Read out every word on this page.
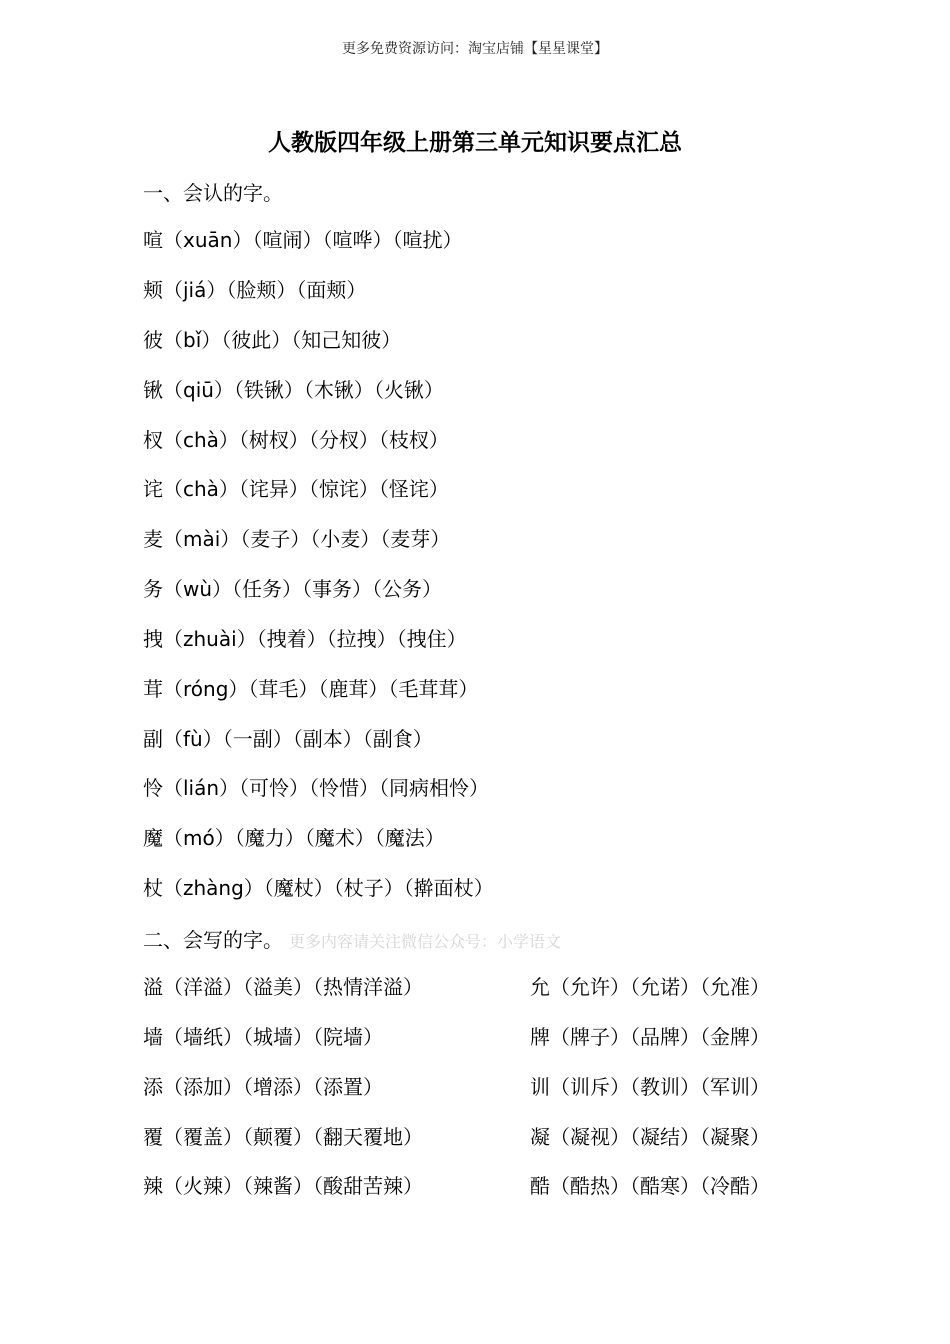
更多免费资源访问：淘宝店铺【星星课堂】
人教版四年级上册第三单元知识要点汇总
一、会认的字。
喧（xuān）（喧闹）（喧哗）（喧扰）
颊（jiá）（脸颊）（面颊）
彼（bǐ）（彼此）（知己知彼）
锹（qiū）（铁锹）（木锹）（火锹）
杈（chà）（树杈）（分杈）（枝杈）
诧（chà）（诧异）（惊诧）（怪诧）
麦（mài）（麦子）（小麦）（麦芽）
务（wù）（任务）（事务）（公务）
拽（zhuài）（拽着）（拉拽）（拽住）
茸（róng）（茸毛）（鹿茸）（毛茸茸）
副（fù）（一副）（副本）（副食）
怜（lián）（可怜）（怜惜）（同病相怜）
魔（mó）（魔力）（魔术）（魔法）
杖（zhàng）（魔杖）（杖子）（擀面杖）
二、会写的字。 更多内容请关注微信公众号：小学语文
溢（洋溢）（溢美）（热情洋溢）
墙（墙纸）（城墙）（院墙）
添（添加）（增添）（添置）
覆（覆盖）（颠覆）（翻天覆地）
辣（火辣）（辣酱）（酸甜苦辣）
允（允许）（允诺）（允准）
牌（牌子）（品牌）（金牌）
训（训斥）（教训）（军训）
凝（凝视）（凝结）（凝聚）
酷（酷热）（酷寒）（冷酷）
